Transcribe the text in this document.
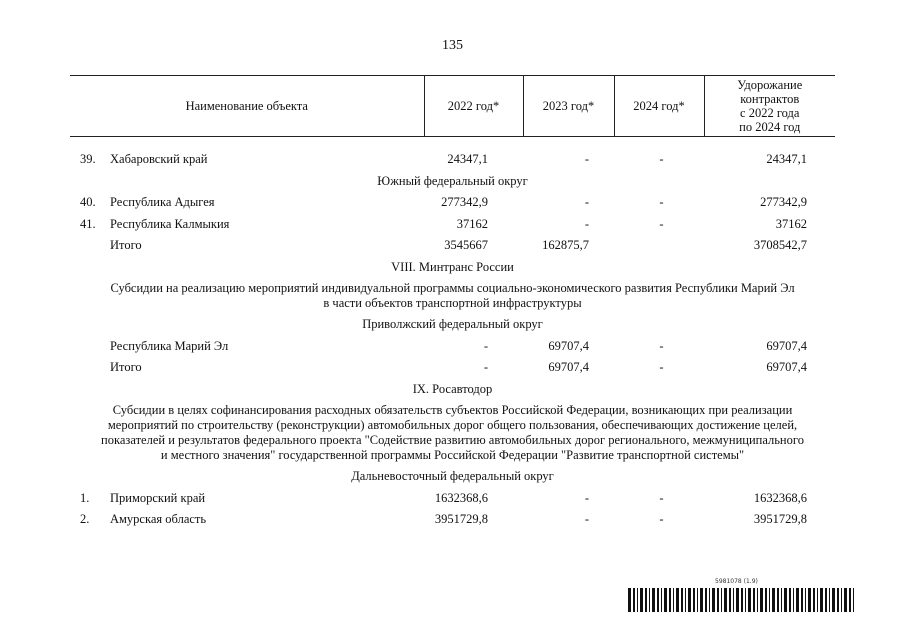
135
Наименование объекта		2022 год*	2023 год*	2024 год*	Удорожание
контрактов
с 2022 года
по 2024 год

39.	Хабаровский край	24347,1	-	-	24347,1
Южный федеральный округ					
40.	Республика Адыгея	277342,9	-	-	277342,9
41.	Республика Калмыкия	37162	-	-	37162
	Итого	3545667	162875,7		3708542,7
VIII. Минтранс России					

Субсидии на реализацию мероприятий индивидуальной программы социально-экономического развития Республики Марий Эл
в части объектов транспортной инфраструктуры					

Приволжский федеральный округ					
	Республика Марий Эл	-	69707,4	-	69707,4
	Итого	-	69707,4	-	69707,4
IX. Росавтодор					

Субсидии в целях софинансирования расходных обязательств субъектов Российской Федерации, возникающих при реализации
мероприятий по строительству (реконструкции) автомобильных дорог общего пользования, обеспечивающих достижение целей,
показателей и результатов федерального проекта "Содействие развитию автомобильных дорог регионального, межмуниципального
и местного значения" государственной программы Российской Федерации "Развитие транспортной системы"					

Дальневосточный федеральный округ					
1.	Приморский край	1632368,6	-	-	1632368,6
2.	Амурская область	3951729,8	-	-	3951729,8
5981078 (1.9)
